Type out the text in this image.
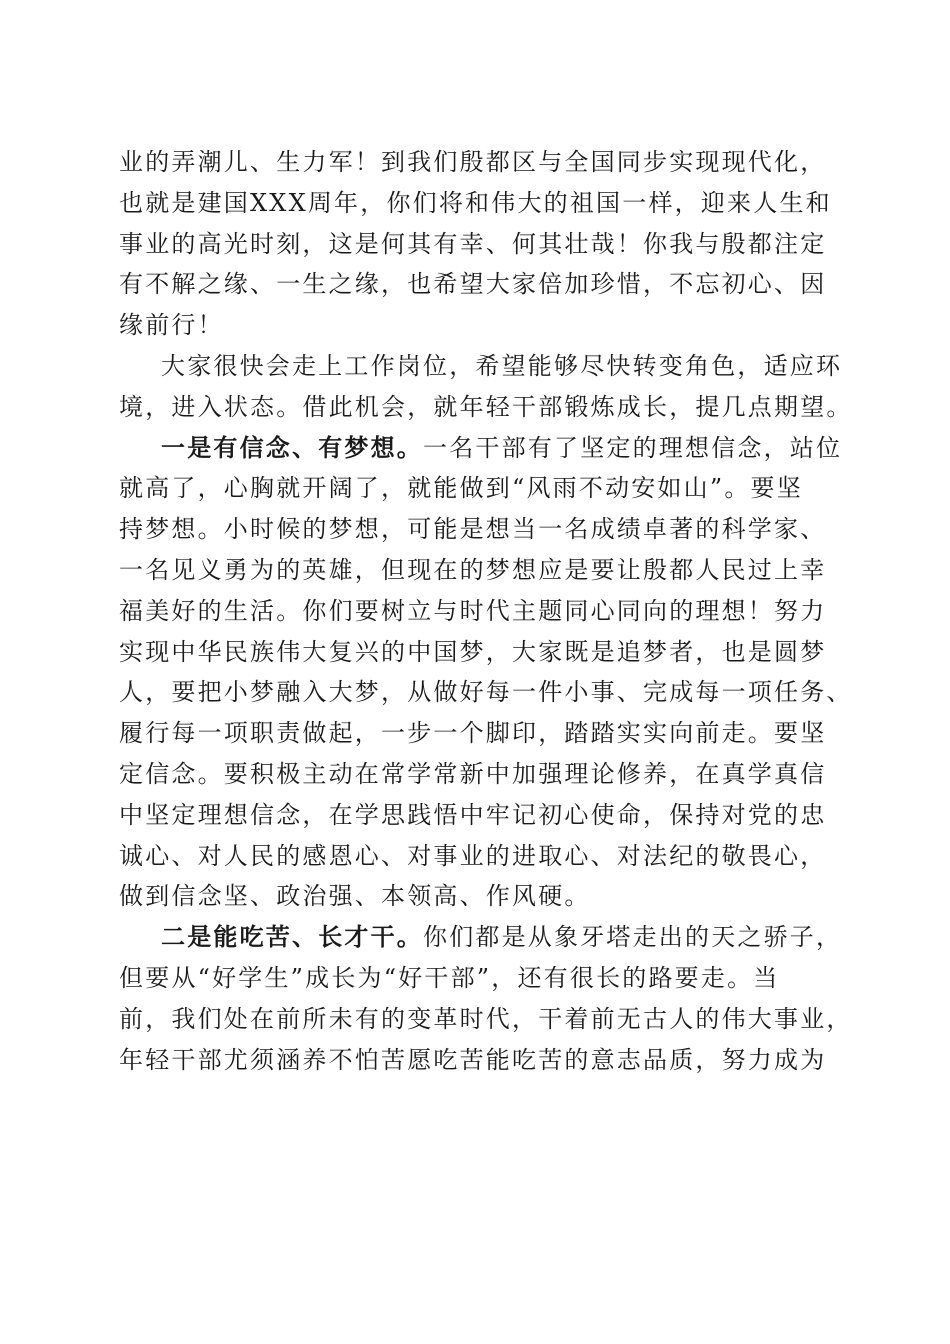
业的弄潮儿、生力军！到我们殷都区与全国同步实现现代化，
也就是建国XXX周年，你们将和伟大的祖国一样，迎来人生和
事业的高光时刻，这是何其有幸、何其壮哉！你我与殷都注定
有不解之缘、一生之缘，也希望大家倍加珍惜，不忘初心、因
缘前行！

大家很快会走上工作岗位，希望能够尽快转变角色，适应环
境，进入状态。借此机会，就年轻干部锻炼成长，提几点期望。

一是有信念、有梦想。一名干部有了坚定的理想信念，站位
就高了，心胸就开阔了，就能做到“风雨不动安如山”。要坚
持梦想。小时候的梦想，可能是想当一名成绩卓著的科学家、
一名见义勇为的英雄，但现在的梦想应是要让殷都人民过上幸
福美好的生活。你们要树立与时代主题同心同向的理想！努力
实现中华民族伟大复兴的中国梦，大家既是追梦者，也是圆梦
人，要把小梦融入大梦，从做好每一件小事、完成每一项任务、
履行每一项职责做起，一步一个脚印，踏踏实实向前走。要坚
定信念。要积极主动在常学常新中加强理论修养，在真学真信
中坚定理想信念，在学思践悟中牢记初心使命，保持对党的忠
诚心、对人民的感恩心、对事业的进取心、对法纪的敬畏心，
做到信念坚、政治强、本领高、作风硬。

二是能吃苦、长才干。你们都是从象牙塔走出的天之骄子，
但要从“好学生”成长为“好干部”，还有很长的路要走。当
前，我们处在前所未有的变革时代，干着前无古人的伟大事业，
年轻干部尤须涵养不怕苦愿吃苦能吃苦的意志品质，努力成为
